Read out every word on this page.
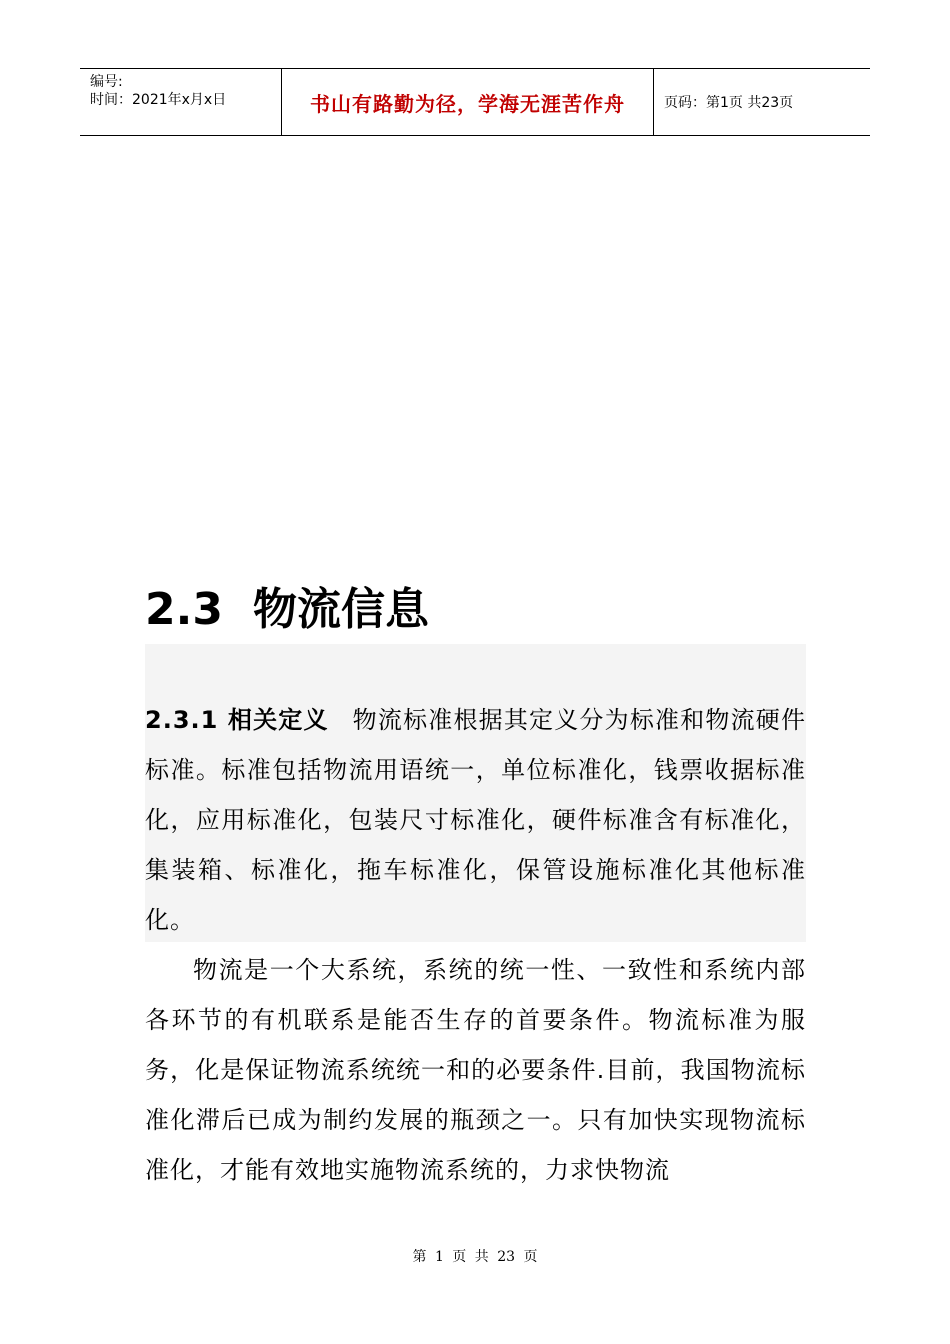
编号:
时间：2021年x月x日	书山有路勤为径，学海无涯苦作舟	页码：第1页 共23页
2.3 物流信息

2.3.1 相关定义 物流标准根据其定义分为标准和物流硬件标准。标准包括物流用语统一，单位标准化，钱票收据标准化，应用标准化，包装尺寸标准化，硬件标准含有标准化，集装箱、标准化，拖车标准化，保管设施标准化其他标准化。

物流是一个大系统，系统的统一性、一致性和系统内部各环节的有机联系是能否生存的首要条件。物流标准为服务，化是保证物流系统统一和的必要条件.目前，我国物流标准化滞后已成为制约发展的瓶颈之一。只有加快实现物流标准化，才能有效地实施物流系统的，力求快物流

第 1 页 共 23 页
